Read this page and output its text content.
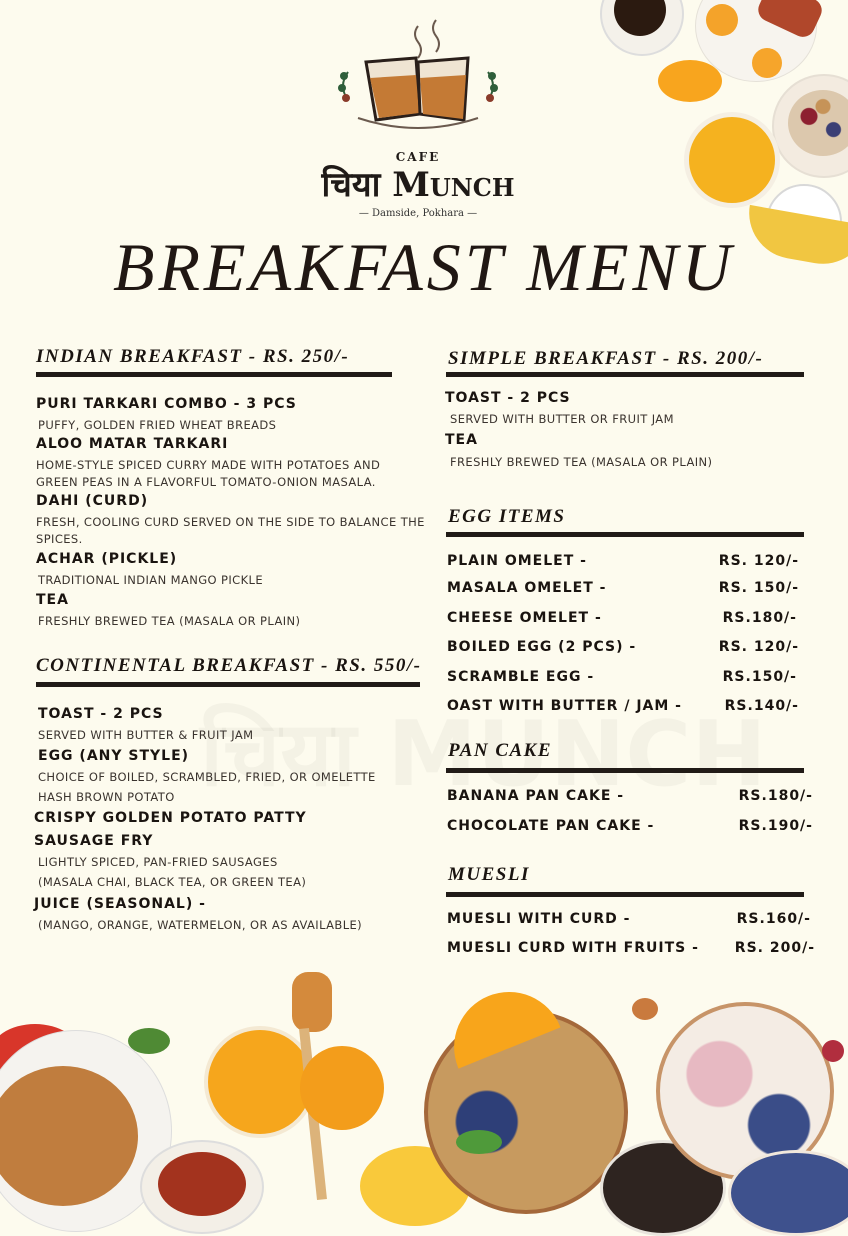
CAFE
चिया Munch
— Damside, Pokhara —
BREAKFAST MENU
INDIAN BREAKFAST - RS. 250/-
PURI TARKARI COMBO - 3 PCS
PUFFY, GOLDEN FRIED WHEAT BREADS
ALOO MATAR TARKARI
HOME-STYLE SPICED CURRY MADE WITH POTATOES AND GREEN PEAS IN A FLAVORFUL TOMATO-ONION MASALA.
DAHI (CURD)
FRESH, COOLING CURD SERVED ON THE SIDE TO BALANCE THE SPICES.
ACHAR (PICKLE)
TRADITIONAL INDIAN MANGO PICKLE
TEA
FRESHLY BREWED TEA (MASALA OR PLAIN)
CONTINENTAL BREAKFAST - RS. 550/-
TOAST - 2 PCS
SERVED WITH BUTTER & FRUIT JAM
EGG (ANY STYLE)
CHOICE OF BOILED, SCRAMBLED, FRIED, OR OMELETTE
HASH BROWN POTATO
CRISPY GOLDEN POTATO PATTY
SAUSAGE FRY
LIGHTLY SPICED, PAN-FRIED SAUSAGES
(MASALA CHAI, BLACK TEA, OR GREEN TEA)
JUICE (SEASONAL) -
(MANGO, ORANGE, WATERMELON, OR AS AVAILABLE)
SIMPLE BREAKFAST - RS. 200/-
TOAST - 2 PCS
SERVED WITH BUTTER OR FRUIT JAM
TEA
FRESHLY BREWED TEA (MASALA OR PLAIN)
EGG ITEMS
PLAIN OMELET -	RS. 120/-
MASALA OMELET -	RS. 150/-
CHEESE OMELET -	RS.180/-
BOILED EGG (2 PCS) -	RS. 120/-
SCRAMBLE EGG -	RS.150/-
OAST WITH BUTTER / JAM -	RS.140/-
PAN CAKE
BANANA PAN CAKE -	RS.180/-
CHOCOLATE PAN CAKE -	RS.190/-
MUESLI
MUESLI WITH CURD -	RS.160/-
MUESLI CURD WITH FRUITS -	RS. 200/-
